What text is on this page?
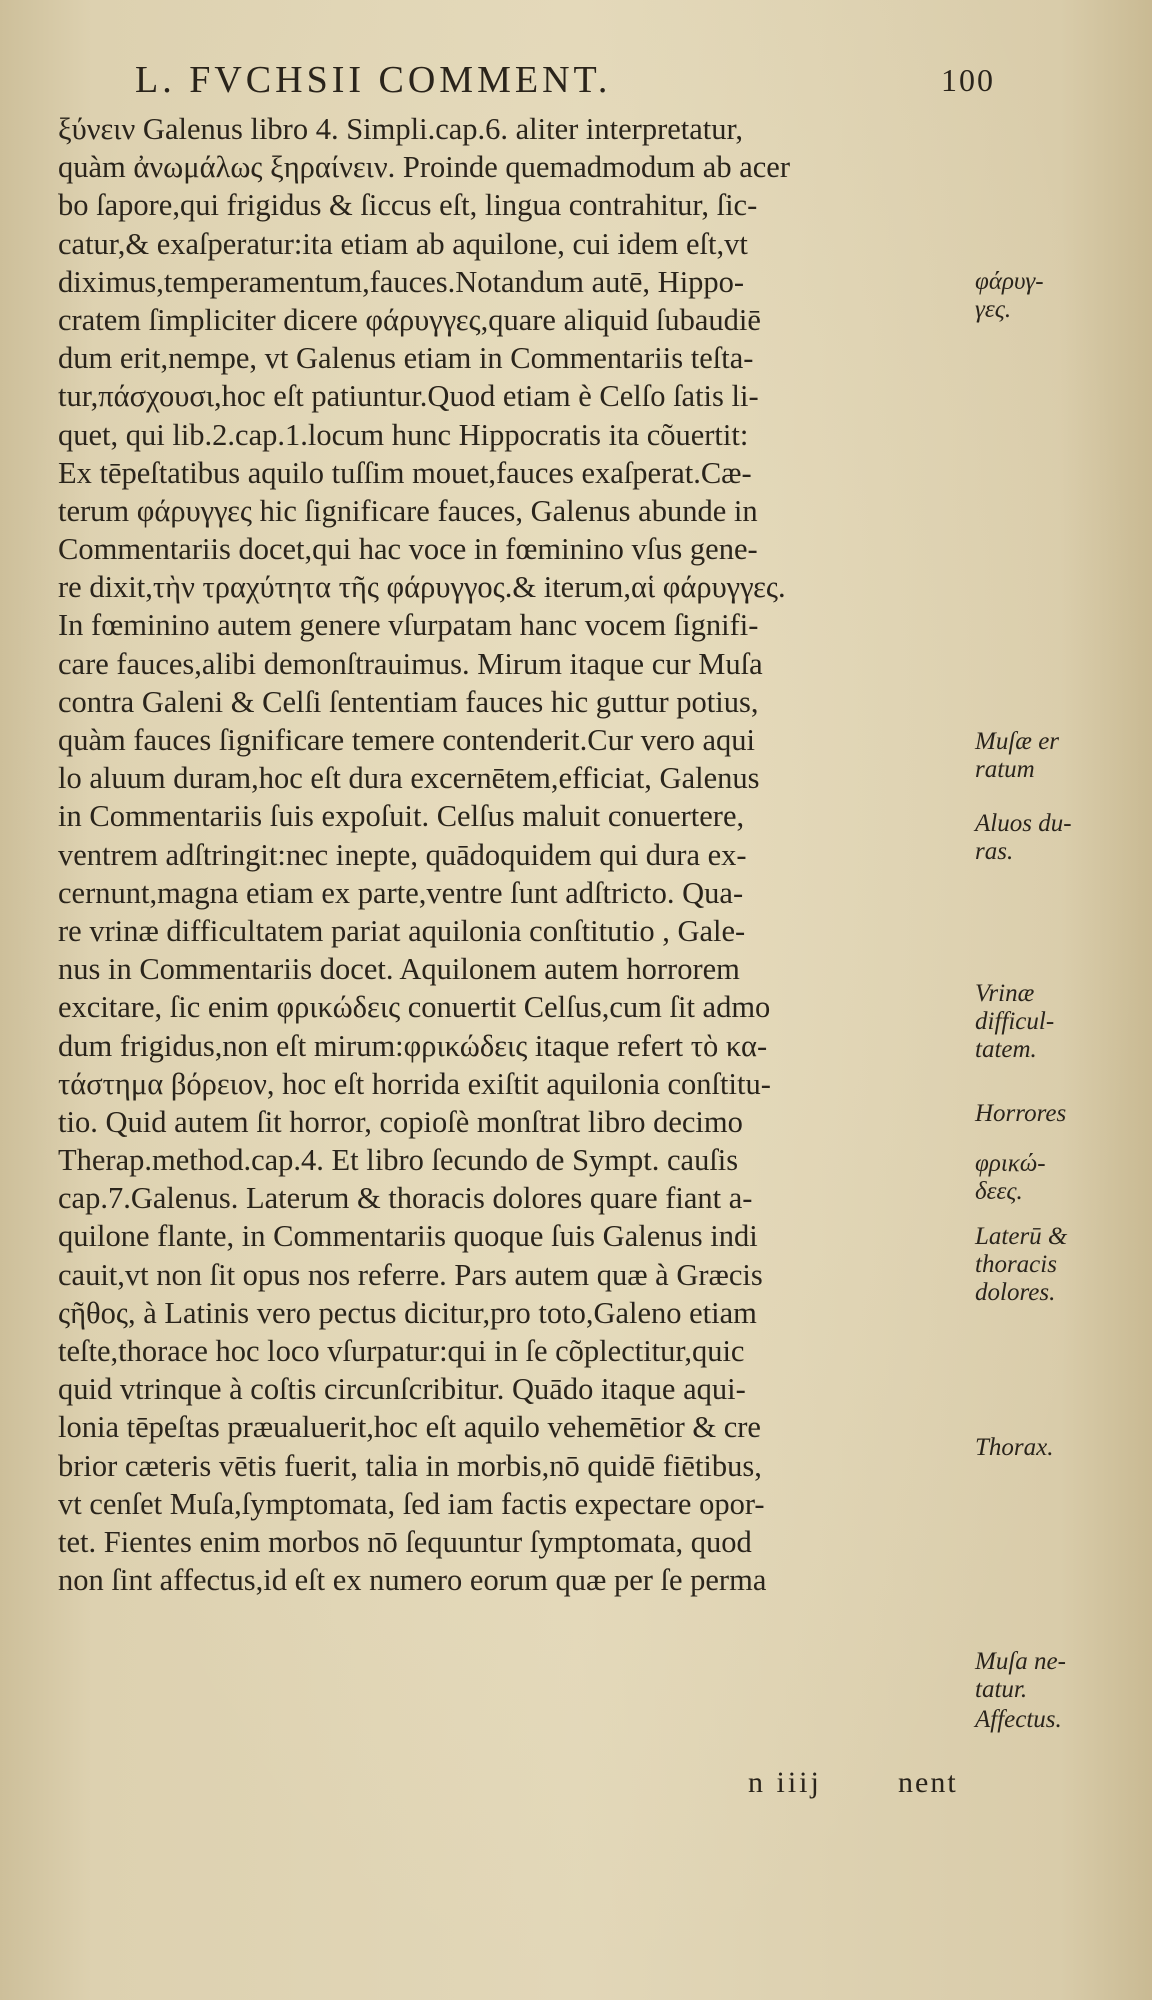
L. FVCHSII COMMENT.	100
ξύνειν Galenus libro 4. Simpli.cap.6. aliter interpretatur,
quàm ἀνωμάλως ξηραίνειν. Proinde quemadmodum ab acer
bo ſapore,qui frigidus & ſiccus eſt, lingua contrahitur, ſic-
catur,& exaſperatur:ita etiam ab aquilone, cui idem eſt,vt
diximus,temperamentum,fauces.Notandum autē, Hippo-
cratem ſimpliciter dicere φάρυγγες,quare aliquid ſubaudiē
dum erit,nempe, vt Galenus etiam in Commentariis teſta-
tur,πάσχουσι,hoc eſt patiuntur.Quod etiam è Celſo ſatis li-
quet, qui lib.2.cap.1.locum hunc Hippocratis ita cõuertit:
Ex tēpeſtatibus aquilo tuſſim mouet,fauces exaſperat.Cæ-
terum φάρυγγες hic ſignificare fauces, Galenus abunde in
Commentariis docet,qui hac voce in fœminino vſus gene-
re dixit,τὴν τραχύτητα τῆς φάρυγγος.& iterum,αἱ φάρυγγες.
In fœminino autem genere vſurpatam hanc vocem ſignifi-
care fauces,alibi demonſtrauimus. Mirum itaque cur Muſa
contra Galeni & Celſi ſententiam fauces hic guttur potius,
quàm fauces ſignificare temere contenderit.Cur vero aqui
lo aluum duram,hoc eſt dura excernētem,efficiat, Galenus
in Commentariis ſuis expoſuit. Celſus maluit conuertere,
ventrem adſtringit:nec inepte, quādoquidem qui dura ex-
cernunt,magna etiam ex parte,ventre ſunt adſtricto. Qua-
re vrinæ difficultatem pariat aquilonia conſtitutio , Gale-
nus in Commentariis docet. Aquilonem autem horrorem
excitare, ſic enim φρικώδεις conuertit Celſus,cum ſit admo
dum frigidus,non eſt mirum:φρικώδεις itaque refert τὸ κα-
τάστημα βόρειον, hoc eſt horrida exiſtit aquilonia conſtitu-
tio. Quid autem ſit horror, copioſè monſtrat libro decimo
Therap.method.cap.4. Et libro ſecundo de Sympt. cauſis
cap.7.Galenus. Laterum & thoracis dolores quare fiant a-
quilone flante, in Commentariis quoque ſuis Galenus indi
cauit,vt non ſit opus nos referre. Pars autem quæ à Græcis
ςῆθος, à Latinis vero pectus dicitur,pro toto,Galeno etiam
teſte,thorace hoc loco vſurpatur:qui in ſe cõplectitur,quic
quid vtrinque à coſtis circunſcribitur. Quādo itaque aqui-
lonia tēpeſtas præualuerit,hoc eſt aquilo vehemētior & cre
brior cæteris vētis fuerit, talia in morbis,nō quidē fiētibus,
vt cenſet Muſa,ſymptomata, ſed iam factis expectare opor-
tet. Fientes enim morbos nō ſequuntur ſymptomata, quod
non ſint affectus,id eſt ex numero eorum quæ per ſe perma
φάρυγ-
γες.
Muſæ er
ratum
Aluos du-
ras.
Vrinæ
difficul-
tatem.
Horrores
φρικώ-
δεες.
Laterū &
thoracis
dolores.
Thorax.
Muſa ne-
tatur.
Affectus.
n iiij	nent
